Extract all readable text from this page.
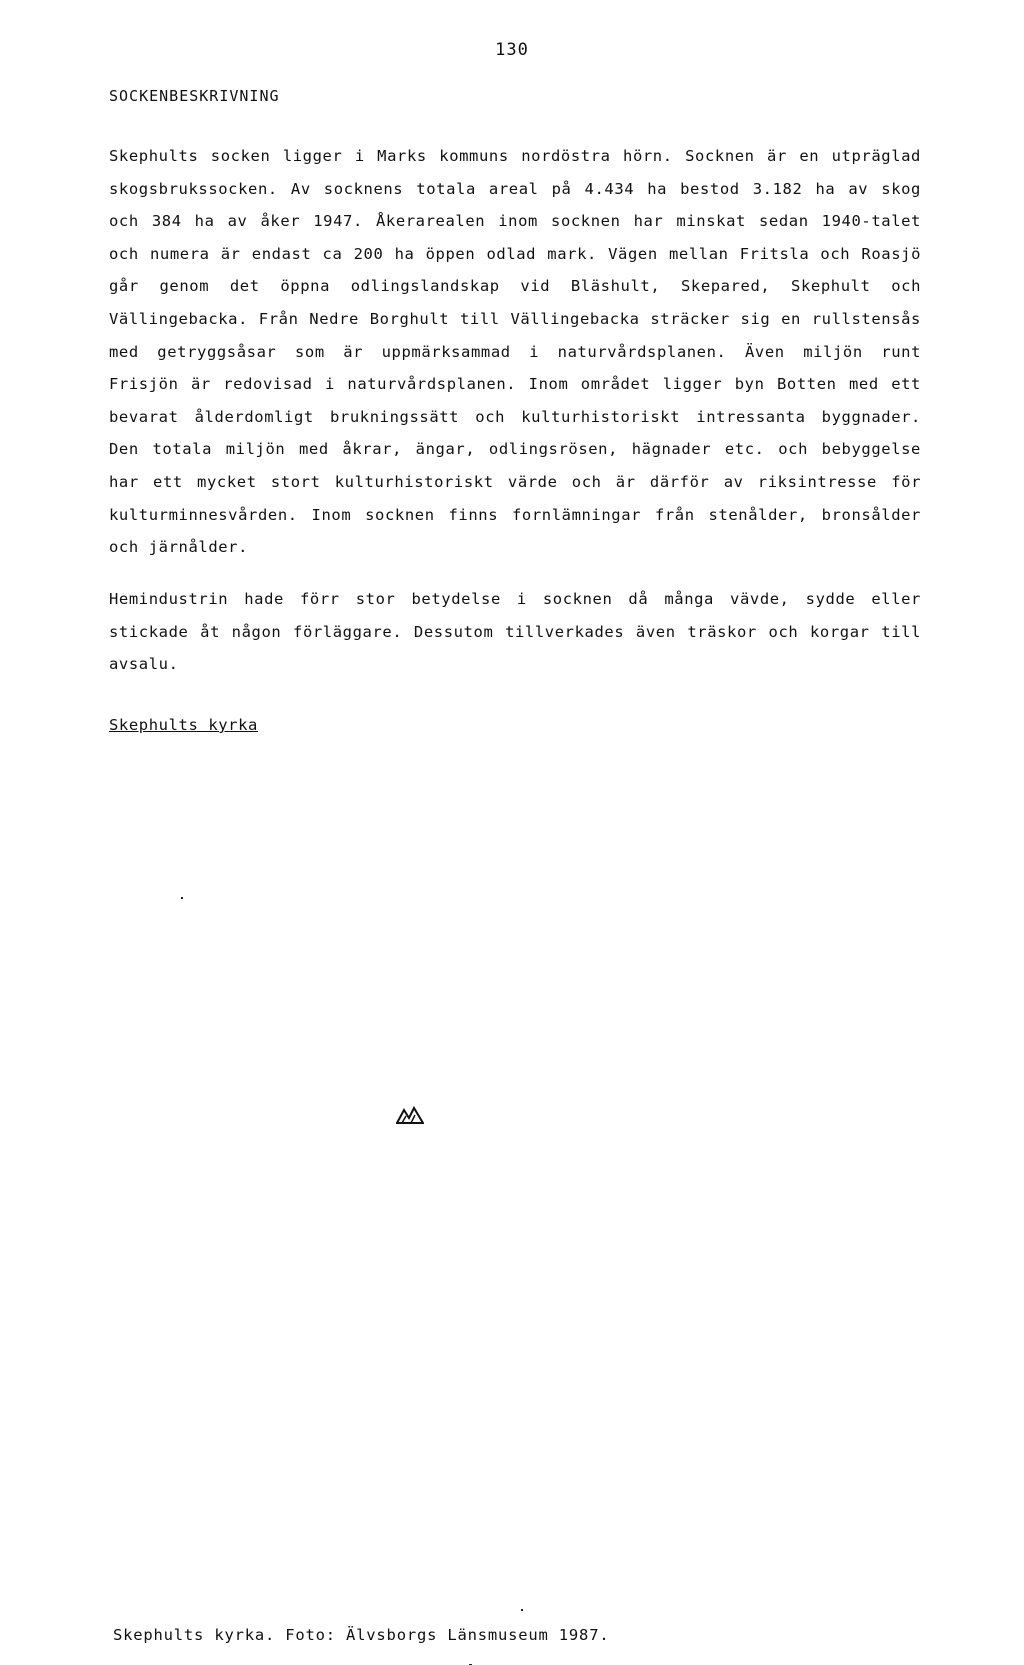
130
SOCKENBESKRIVNING

Skephults socken ligger i Marks kommuns nordöstra hörn. Socknen är en utpräglad skogsbrukssocken. Av socknens totala areal på 4.434 ha bestod 3.182 ha av skog och 384 ha av åker 1947. Åkerarealen inom socknen har minskat sedan 1940-talet och numera är endast ca 200 ha öppen odlad mark. Vägen mellan Fritsla och Roasjö går genom det öppna odlingslandskap vid Bläshult, Skepared, Skephult och Vällingebacka. Från Nedre Borghult till Vällingebacka sträcker sig en rullstensås med getryggsåsar som är uppmärksammad i naturvårdsplanen. Även miljön runt Frisjön är redovisad i naturvårdsplanen. Inom området ligger byn Botten med ett bevarat ålderdomligt brukningssätt och kulturhistoriskt intressanta byggnader. Den totala miljön med åkrar, ängar, odlingsrösen, hägnader etc. och bebyggelse har ett mycket stort kulturhistoriskt värde och är därför av riksintresse för kulturminnesvården. Inom socknen finns fornlämningar från stenålder, bronsålder och järnålder.

Hemindustrin hade förr stor betydelse i socknen då många vävde, sydde eller stickade åt någon förläggare. Dessutom tillverkades även träskor och korgar till avsalu.

Skephults kyrka
Skephults kyrka. Foto: Älvsborgs Länsmuseum 1987.
